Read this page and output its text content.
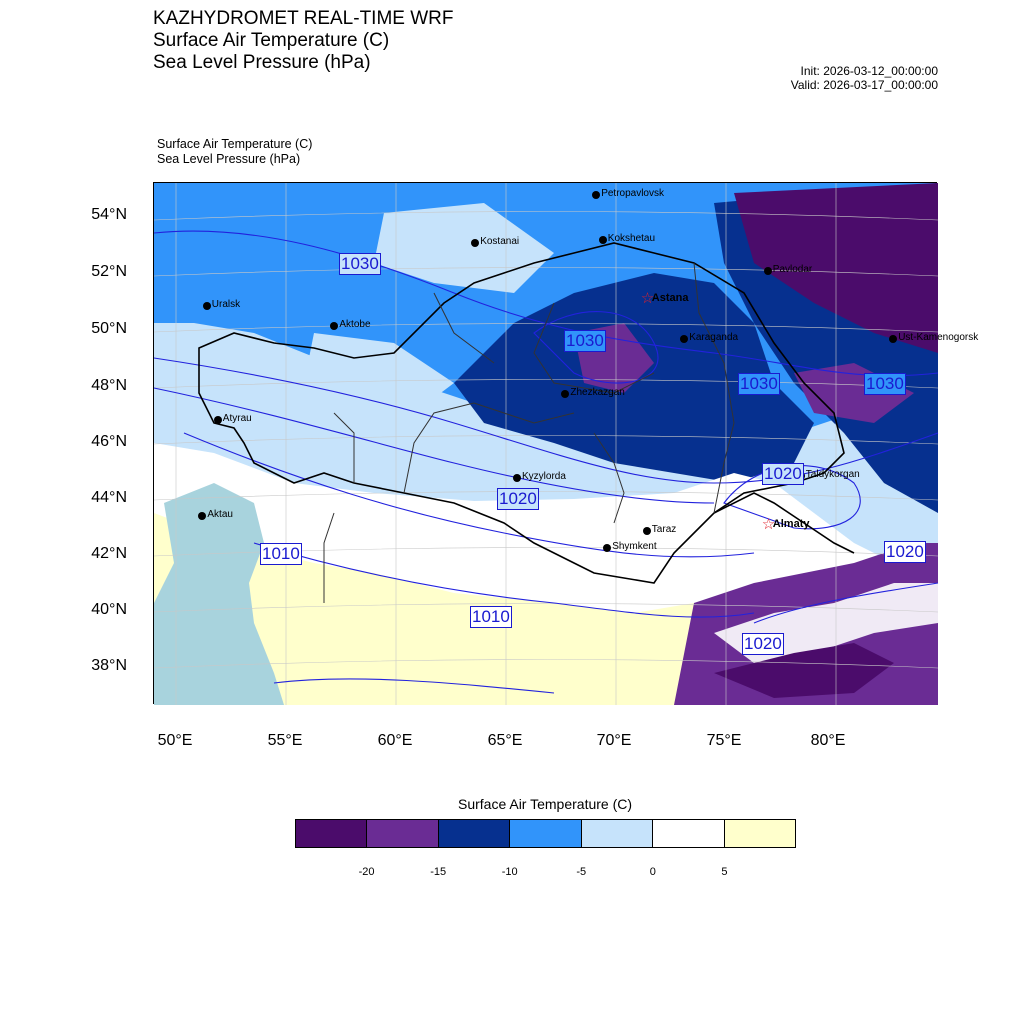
KAZHYDROMET REAL-TIME WRF
Surface Air Temperature (C)
Sea Level Pressure (hPa)	Init: 2026-03-12_00:00:00
Valid: 2026-03-17_00:00:00
Surface Air Temperature (C)
Sea Level Pressure (hPa)
Petropavlovsk
Kostanai	Kokshetau
Pavlodar
Uralsk	☆
Astana
Aktobe
Ust-Kamenogorsk
Karaganda
Atyrau
Zhezkazgan
Taldykorgan
Aktau
Kyzylorda
☆
Almaty
Taraz
Shymkent
1030
1030
1030	1030
1020
1020
1020
1020
1010
1010
54°N
52°N
50°N
48°N
46°N
44°N
42°N
40°N
38°N
50°E	55°E	60°E	65°E	70°E	75°E	80°E
Surface Air Temperature (C)
-20	-15	-10	-5	0	5
